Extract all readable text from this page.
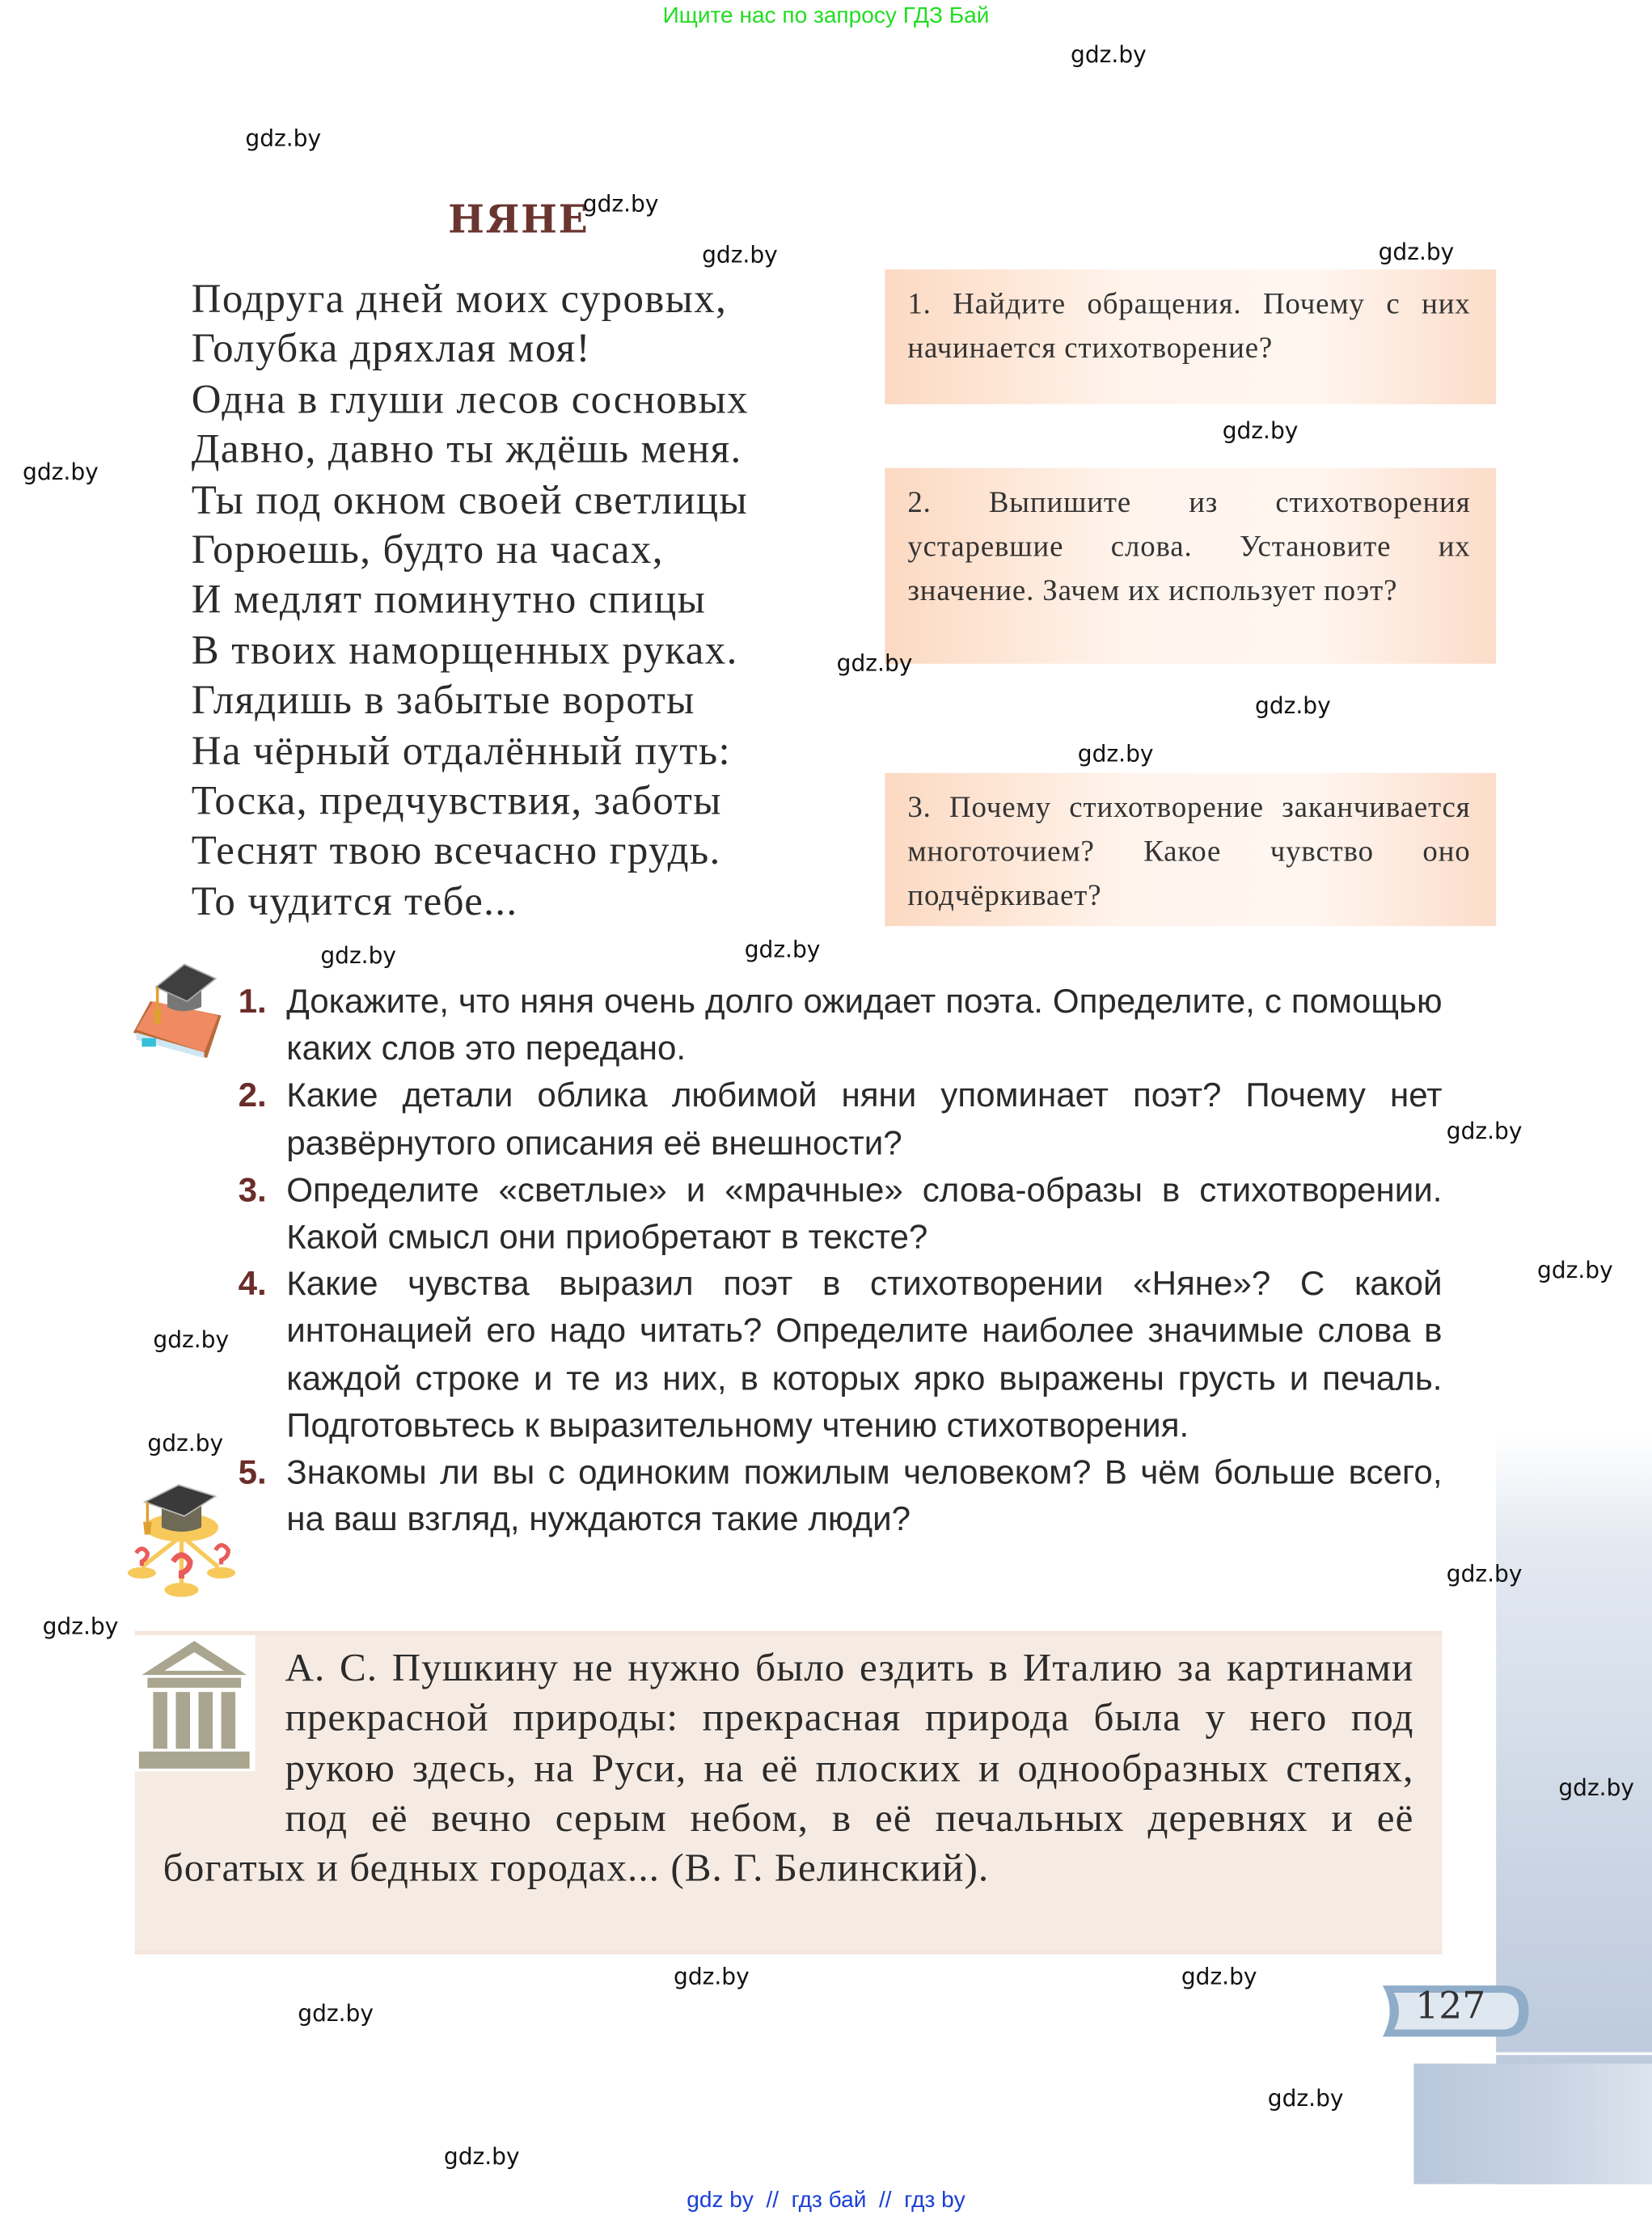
Ищите нас по запросу ГДЗ Бай
127
НЯНЕ
Подруга дней моих суровых,
Голубка дряхлая моя!
Одна в глуши лесов сосновых
Давно, давно ты ждёшь меня.
Ты под окном своей светлицы
Горюешь, будто на часах,
И медлят поминутно спицы
В твоих наморщенных руках.
Глядишь в забытые вороты
На чёрный отдалённый путь:
Тоска, предчувствия, заботы
Теснят твою всечасно грудь.
То чудится тебе...
1. Найдите обращения. Почему с них начинается стихотворение?
2. Выпишите из стихотворения устаревшие слова. Установите их значение. Зачем их использует поэт?
3. Почему стихотворение заканчивается многоточием? Какое чувство оно подчёркивает?
1.	Докажите, что няня очень долго ожидает поэта. Определите, с помощью каких слов это передано.
2.	Какие детали облика любимой няни упоминает поэт? Почему нет развёрнутого описания её внешности?
3.	Определите «светлые» и «мрачные» слова-образы в стихотворении. Какой смысл они приобретают в тексте?
4.	Какие чувства выразил поэт в стихотворении «Няне»? С какой интонацией его надо читать? Определите наиболее значимые слова в каждой строке и те из них, в которых ярко выражены грусть и печаль. Подготовьтесь к выразительному чтению стихотворения.
5.	Знакомы ли вы с одиноким пожилым человеком? В чём больше всего, на ваш взгляд, нуждаются такие люди?
А. С. Пушкину не нужно было ездить в Италию за картинами прекрасной природы: прекрасная природа была у него под рукою здесь, на Руси, на её плоских и однообразных степях, под её вечно серым небом, в её печальных деревнях и её богатых и бедных городах... (В. Г. Белинский).
gdz.by
gdz.by
gdz.by
gdz.by
gdz.by
gdz.by
gdz.by
gdz.by
gdz.by
gdz.by
gdz.by
gdz.by
gdz.by
gdz.by
gdz.by
gdz.by
gdz.by
gdz.by
gdz.by
gdz.by	gdz.by
gdz.by
gdz.by
gdz.by
gdz by  //  гдз бай  //  гдз by
